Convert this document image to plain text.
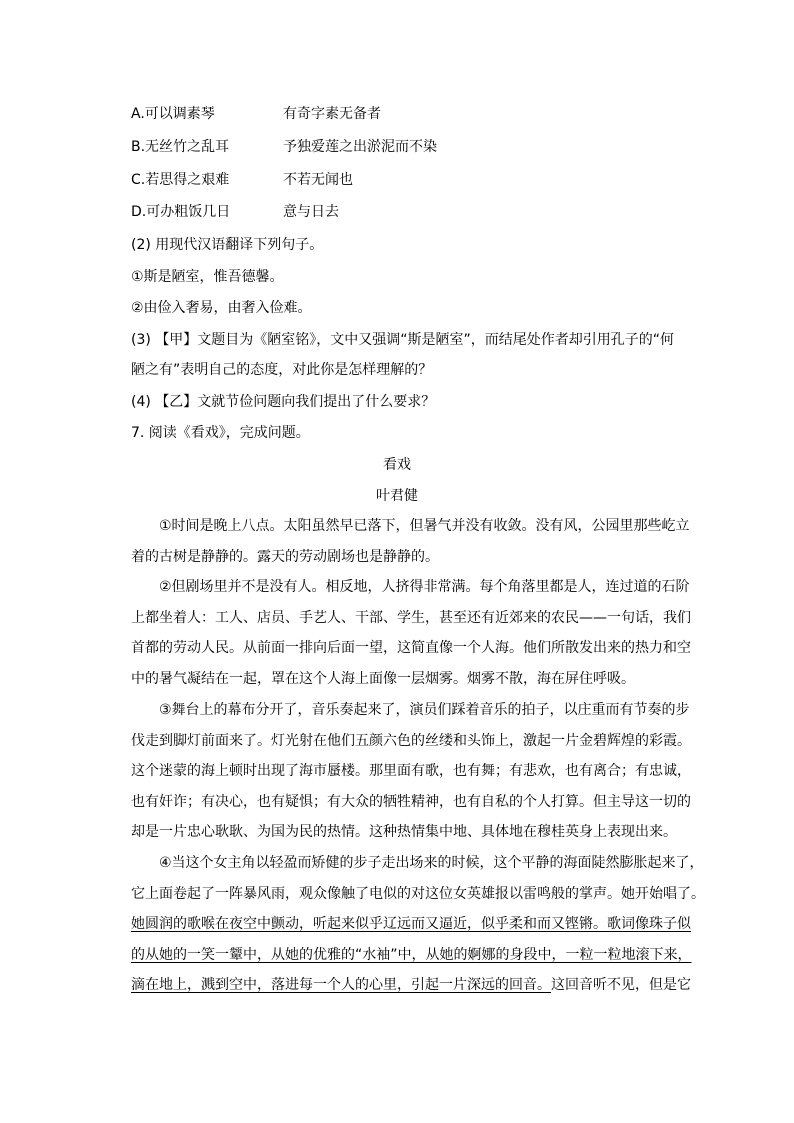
A.可以调素琴	有奇字素无备者
B.无丝竹之乱耳	予独爱莲之出淤泥而不染
C.若思得之艰难	不若无闻也
D.可办粗饭几日	意与日去
(2) 用现代汉语翻译下列句子。
①斯是陋室，惟吾德馨。
②由俭入奢易，由奢入俭难。
(3) 【甲】文题目为《陋室铭》，文中又强调“斯是陋室”，而结尾处作者却引用孔子的“何
陋之有”表明自己的态度，对此你是怎样理解的？
(4) 【乙】文就节俭问题向我们提出了什么要求？
7. 阅读《看戏》，完成问题。
看戏
叶君健
　　①时间是晚上八点。太阳虽然早已落下，但暑气并没有收敛。没有风，公园里那些屹立
着的古树是静静的。露天的劳动剧场也是静静的。
　　②但剧场里并不是没有人。相反地，人挤得非常满。每个角落里都是人，连过道的石阶
上都坐着人：工人、店员、手艺人、干部、学生，甚至还有近郊来的农民——一句话，我们
首都的劳动人民。从前面一排向后面一望，这简直像一个人海。他们所散发出来的热力和空
中的暑气凝结在一起，罩在这个人海上面像一层烟雾。烟雾不散，海在屏住呼吸。
　　③舞台上的幕布分开了，音乐奏起来了，演员们踩着音乐的拍子，以庄重而有节奏的步
伐走到脚灯前面来了。灯光射在他们五颜六色的丝缕和头饰上，激起一片金碧辉煌的彩霞。
这个迷蒙的海上顿时出现了海市蜃楼。那里面有歌，也有舞；有悲欢，也有离合；有忠诚，
也有奸诈；有决心，也有疑惧；有大众的牺牲精神，也有自私的个人打算。但主导这一切的
却是一片忠心耿耿、为国为民的热情。这种热情集中地、具体地在穆桂英身上表现出来。
　　④当这个女主角以轻盈而矫健的步子走出场来的时候，这个平静的海面陡然膨胀起来了，
它上面卷起了一阵暴风雨，观众像触了电似的对这位女英雄报以雷鸣般的掌声。她开始唱了。
她圆润的歌喉在夜空中颤动，听起来似乎辽远而又逼近，似乎柔和而又铿锵。歌词像珠子似
的从她的一笑一颦中，从她的优雅的“水袖”中，从她的婀娜的身段中，一粒一粒地滚下来，
滴在地上，溅到空中，落进每一个人的心里，引起一片深远的回音。这回音听不见，但是它
